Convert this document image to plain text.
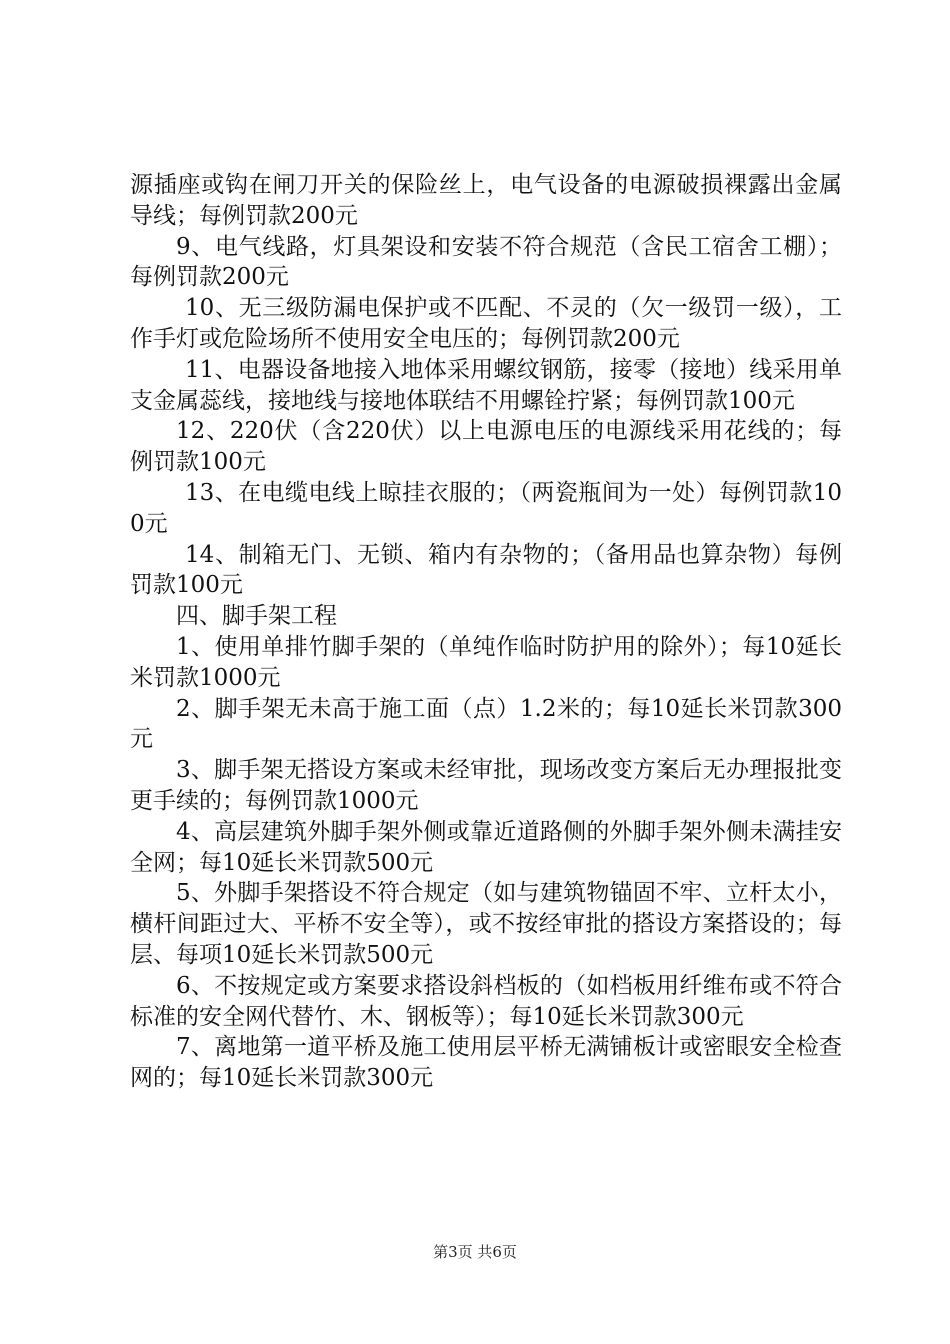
源插座或钩在闸刀开关的保险丝上，电气设备的电源破损裸露出金属导线；每例罚款200元

9、电气线路，灯具架设和安装不符合规范（含民工宿舍工棚）；每例罚款200元

10、无三级防漏电保护或不匹配、不灵的（欠一级罚一级），工作手灯或危险场所不使用安全电压的；每例罚款200元

11、电器设备地接入地体采用螺纹钢筋，接零（接地）线采用单支金属蕊线，接地线与接地体联结不用螺铨拧紧；每例罚款100元

12、220伏（含220伏）以上电源电压的电源线采用花线的；每例罚款100元

13、在电缆电线上晾挂衣服的；（两瓷瓶间为一处）每例罚款100元

14、制箱无门、无锁、箱内有杂物的；（备用品也算杂物）每例罚款100元

四、脚手架工程

1、使用单排竹脚手架的（单纯作临时防护用的除外）；每10延长米罚款1000元

2、脚手架无未高于施工面（点）1.2米的；每10延长米罚款300元

3、脚手架无搭设方案或未经审批，现场改变方案后无办理报批变更手续的；每例罚款1000元

4、高层建筑外脚手架外侧或靠近道路侧的外脚手架外侧未满挂安全网；每10延长米罚款500元

5、外脚手架搭设不符合规定（如与建筑物锚固不牢、立杆太小，横杆间距过大、平桥不安全等），或不按经审批的搭设方案搭设的；每层、每项10延长米罚款500元

6、不按规定或方案要求搭设斜档板的（如档板用纤维布或不符合标准的安全网代替竹、木、钢板等）；每10延长米罚款300元

7、离地第一道平桥及施工使用层平桥无满铺板计或密眼安全检查网的；每10延长米罚款300元

第3页 共6页
